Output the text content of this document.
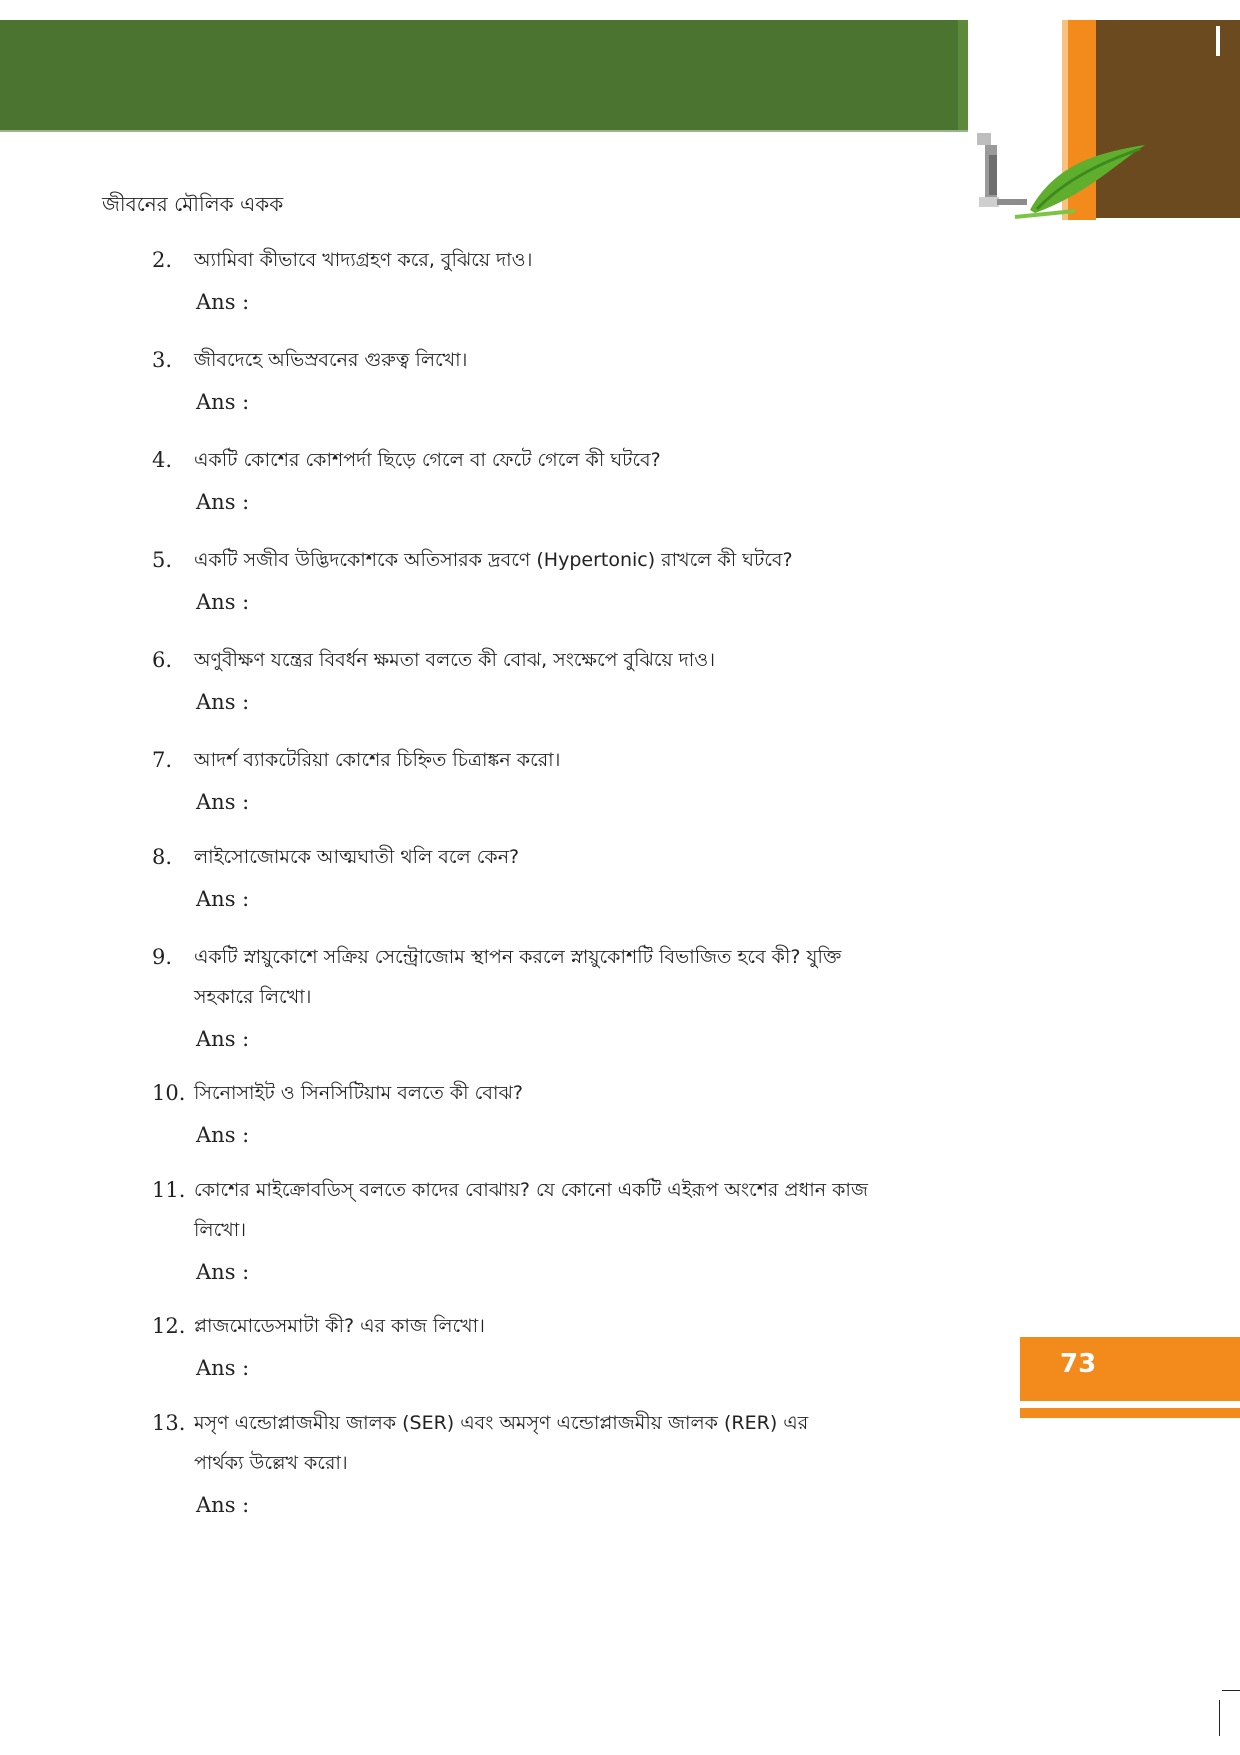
জীবনের মৌলিক একক
2. অ্যামিবা কীভাবে খাদ্যগ্রহণ করে, বুঝিয়ে দাও।
Ans :
3. জীবদেহে অভিস্রবনের গুরুত্ব লিখো।
Ans :
4. একটি কোশের কোশপর্দা ছিড়ে গেলে বা ফেটে গেলে কী ঘটবে?
Ans :
5. একটি সজীব উদ্ভিদকোশকে অতিসারক দ্রবণে (Hypertonic) রাখলে কী ঘটবে?
Ans :
6. অণুবীক্ষণ যন্ত্রের বিবর্ধন ক্ষমতা বলতে কী বোঝ, সংক্ষেপে বুঝিয়ে দাও।
Ans :
7. আদর্শ ব্যাকটেরিয়া কোশের চিহ্নিত চিত্রাঙ্কন করো।
Ans :
8. লাইসোজোমকে আত্মঘাতী থলি বলে কেন?
Ans :
9. একটি স্নায়ুকোশে সক্রিয় সেন্ট্রোজোম স্থাপন করলে স্নায়ুকোশটি বিভাজিত হবে কী? যুক্তি
সহকারে লিখো।
Ans :
10. সিনোসাইট ও সিনসিটিয়াম বলতে কী বোঝ?
Ans :
11. কোশের মাইক্রোবডিস্ বলতে কাদের বোঝায়? যে কোনো একটি এইরূপ অংশের প্রধান কাজ
লিখো।
Ans :
12. প্লাজমোডেসমাটা কী? এর কাজ লিখো।
Ans :
13. মসৃণ এন্ডোপ্লাজমীয় জালক (SER) এবং অমসৃণ এন্ডোপ্লাজমীয় জালক (RER) এর
পার্থক্য উল্লেখ করো।
Ans :
73
